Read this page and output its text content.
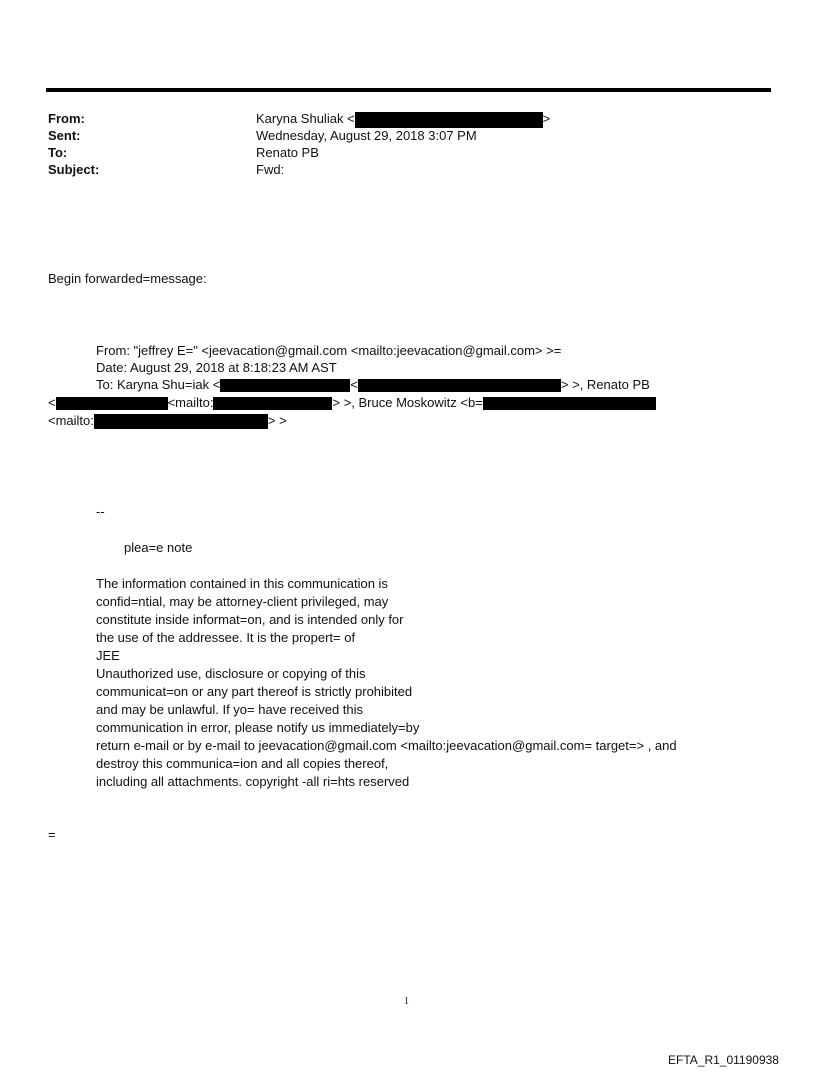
From:	Karyna Shuliak <	>
Sent:	Wednesday, August 29, 2018 3:07 PM
To:	Renato PB
Subject:	Fwd:
Begin forwarded=message:
From: "jeffrey E=" <jeevacation@gmail.com <mailto:jeevacation@gmail.com> >=
Date: August 29, 2018 at 8:18:23 AM AST
To: Karyna Shu=iak <	<	> >, Renato PB
<	<mailto:	> >, Bruce Moskowitz <b=
<mailto:	> >
--
plea=e note
The information contained in this communication is
confid=ntial, may be attorney-client privileged, may
constitute inside informat=on, and is intended only for
the use of the addressee. It is the propert= of
JEE
Unauthorized use, disclosure or copying of this
communicat=on or any part thereof is strictly prohibited
and may be unlawful. If yo= have received this
communication in error, please notify us immediately=by
return e-mail or by e-mail to jeevacation@gmail.com <mailto:jeevacation@gmail.com= target=> , and
destroy this communica=ion and all copies thereof,
including all attachments. copyright -all ri=hts reserved
=
1
EFTA_R1_01190938
